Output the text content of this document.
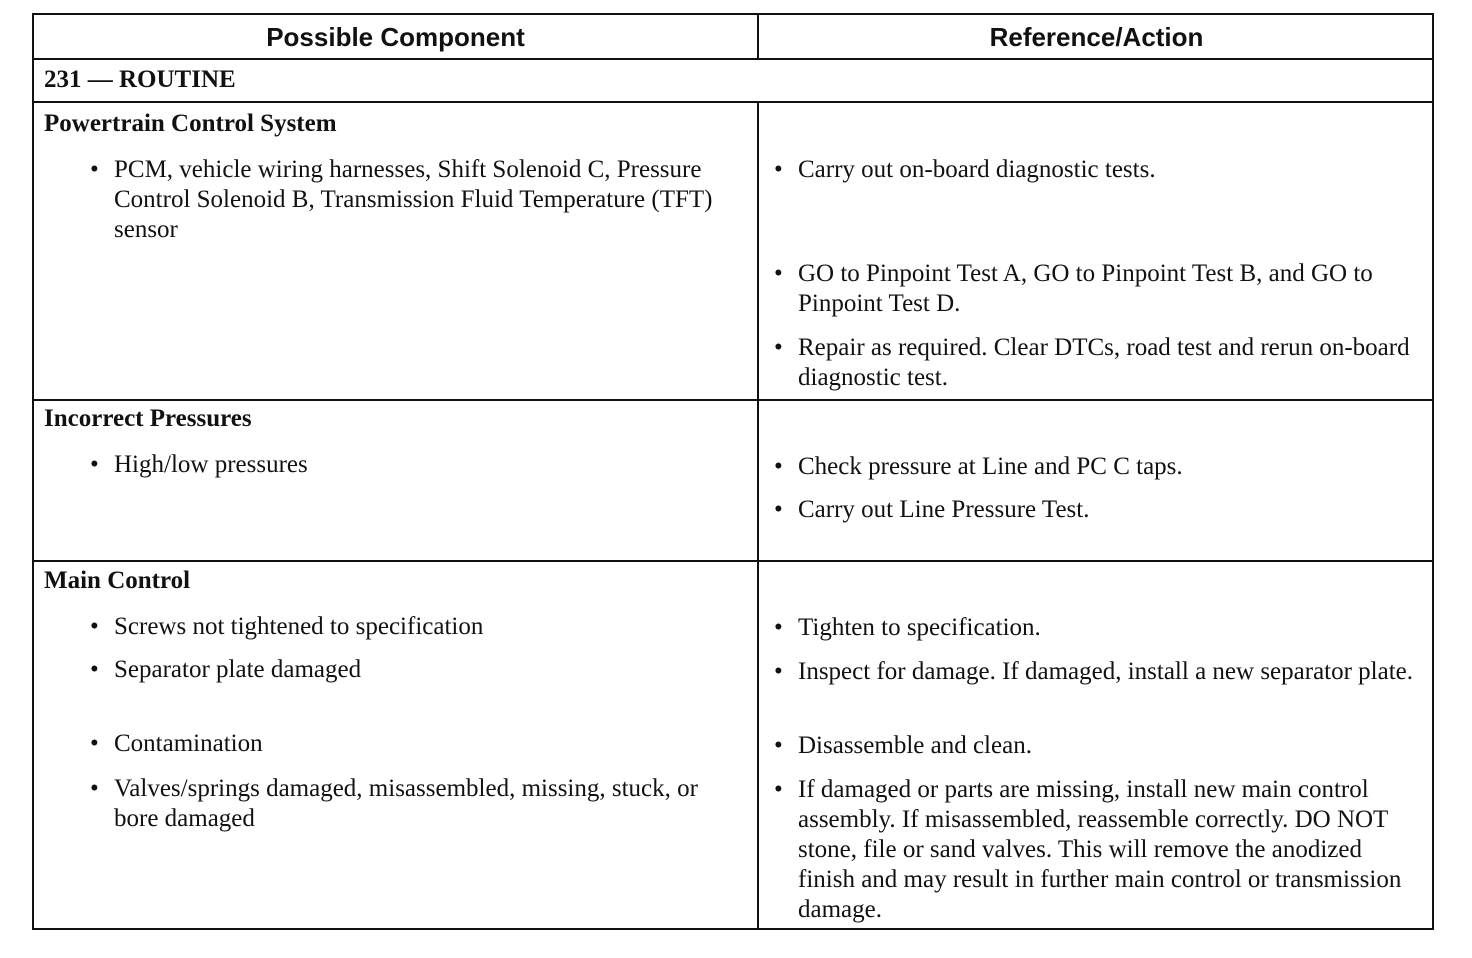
Possible Component	Reference/Action
231 — ROUTINE
Powertrain Control System
• PCM, vehicle wiring harnesses, Shift Solenoid C, Pressure Control Solenoid B, Transmission Fluid Temperature (TFT) sensor
• Carry out on-board diagnostic tests.
• GO to Pinpoint Test A, GO to Pinpoint Test B, and GO to Pinpoint Test D.
• Repair as required. Clear DTCs, road test and rerun on-board diagnostic test.
Incorrect Pressures
• High/low pressures	• Check pressure at Line and PC C taps.
• Carry out Line Pressure Test.
Main Control
• Screws not tightened to specification
• Separator plate damaged
• Contamination
• Valves/springs damaged, misassembled, missing, stuck, or bore damaged
• Tighten to specification.
• Inspect for damage. If damaged, install a new separator plate.
• Disassemble and clean.
• If damaged or parts are missing, install new main control assembly. If misassembled, reassemble correctly. DO NOT stone, file or sand valves. This will remove the anodized finish and may result in further main control or transmission damage.
